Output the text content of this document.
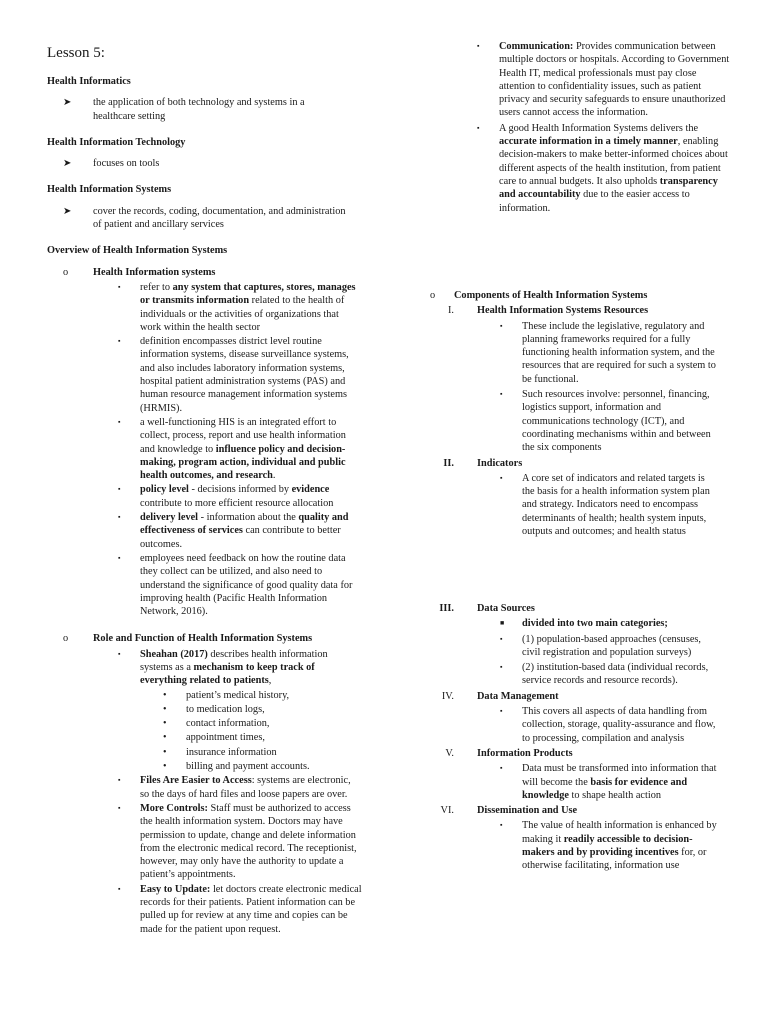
Lesson 5:
Health Informatics
➤	the application of both technology and systems in a healthcare setting
Health Information Technology
➤	focuses on tools
Health Information Systems
➤	cover the records, coding, documentation, and administration of patient and ancillary services
Overview of Health Information Systems
o	Health Information systems
▪	refer to any system that captures, stores, manages or transmits information related to the health of individuals or the activities of organizations that work within the health sector
▪	definition encompasses district level routine information systems, disease surveillance systems, and also includes laboratory information systems, hospital patient administration systems (PAS) and human resource management information systems (HRMIS).
▪	a well-functioning HIS is an integrated effort to collect, process, report and use health information and knowledge to influence policy and decision-making, program action, individual and public health outcomes, and research.
▪	policy level - decisions informed by evidence contribute to more efficient resource allocation
▪	delivery level - information about the quality and effectiveness of services can contribute to better outcomes.
▪	employees need feedback on how the routine data they collect can be utilized, and also need to understand the significance of good quality data for improving health (Pacific Health Information Network, 2016).
o	Role and Function of Health Information Systems
▪	Sheahan (2017) describes health information systems as a mechanism to keep track of everything related to patients,
•	patient’s medical history,
•	to medication logs,
•	contact information,
•	appointment times,
•	insurance information
•	billing and payment accounts.
▪	Files Are Easier to Access: systems are electronic, so the days of hard files and loose papers are over.
▪	More Controls: Staff must be authorized to access the health information system. Doctors may have permission to update, change and delete information from the electronic medical record. The receptionist, however, may only have the authority to update a patient’s appointments.
▪	Easy to Update: let doctors create electronic medical records for their patients. Patient information can be pulled up for review at any time and copies can be made for the patient upon request.

▪	Communication: Provides communication between multiple doctors or hospitals. According to Government Health IT, medical professionals must pay close attention to confidentiality issues, such as patient privacy and security safeguards to ensure unauthorized users cannot access the information.
▪	A good Health Information Systems delivers the accurate information in a timely manner, enabling decision-makers to make better-informed choices about different aspects of the health institution, from patient care to annual budgets. It also upholds transparency and accountability due to the easier access to information.
o	Components of Health Information Systems
I. Health Information Systems Resources
▪	These include the legislative, regulatory and planning frameworks required for a fully functioning health information system, and the resources that are required for such a system to be functional.
▪	Such resources involve: personnel, financing, logistics support, information and communications technology (ICT), and coordinating mechanisms within and between the six components
II. Indicators
▪	A core set of indicators and related targets is the basis for a health information system plan and strategy. Indicators need to encompass determinants of health; health system inputs, outputs and outcomes; and health status
III. Data Sources
■	divided into two main categories;
▪	(1) population-based approaches (censuses, civil registration and population surveys)
▪	(2) institution-based data (individual records, service records and resource records).
IV. Data Management
▪	This covers all aspects of data handling from collection, storage, quality-assurance and flow, to processing, compilation and analysis
V. Information Products
▪	Data must be transformed into information that will become the basis for evidence and knowledge to shape health action
VI. Dissemination and Use
▪	The value of health information is enhanced by making it readily accessible to decision-makers and by providing incentives for, or otherwise facilitating, information use
